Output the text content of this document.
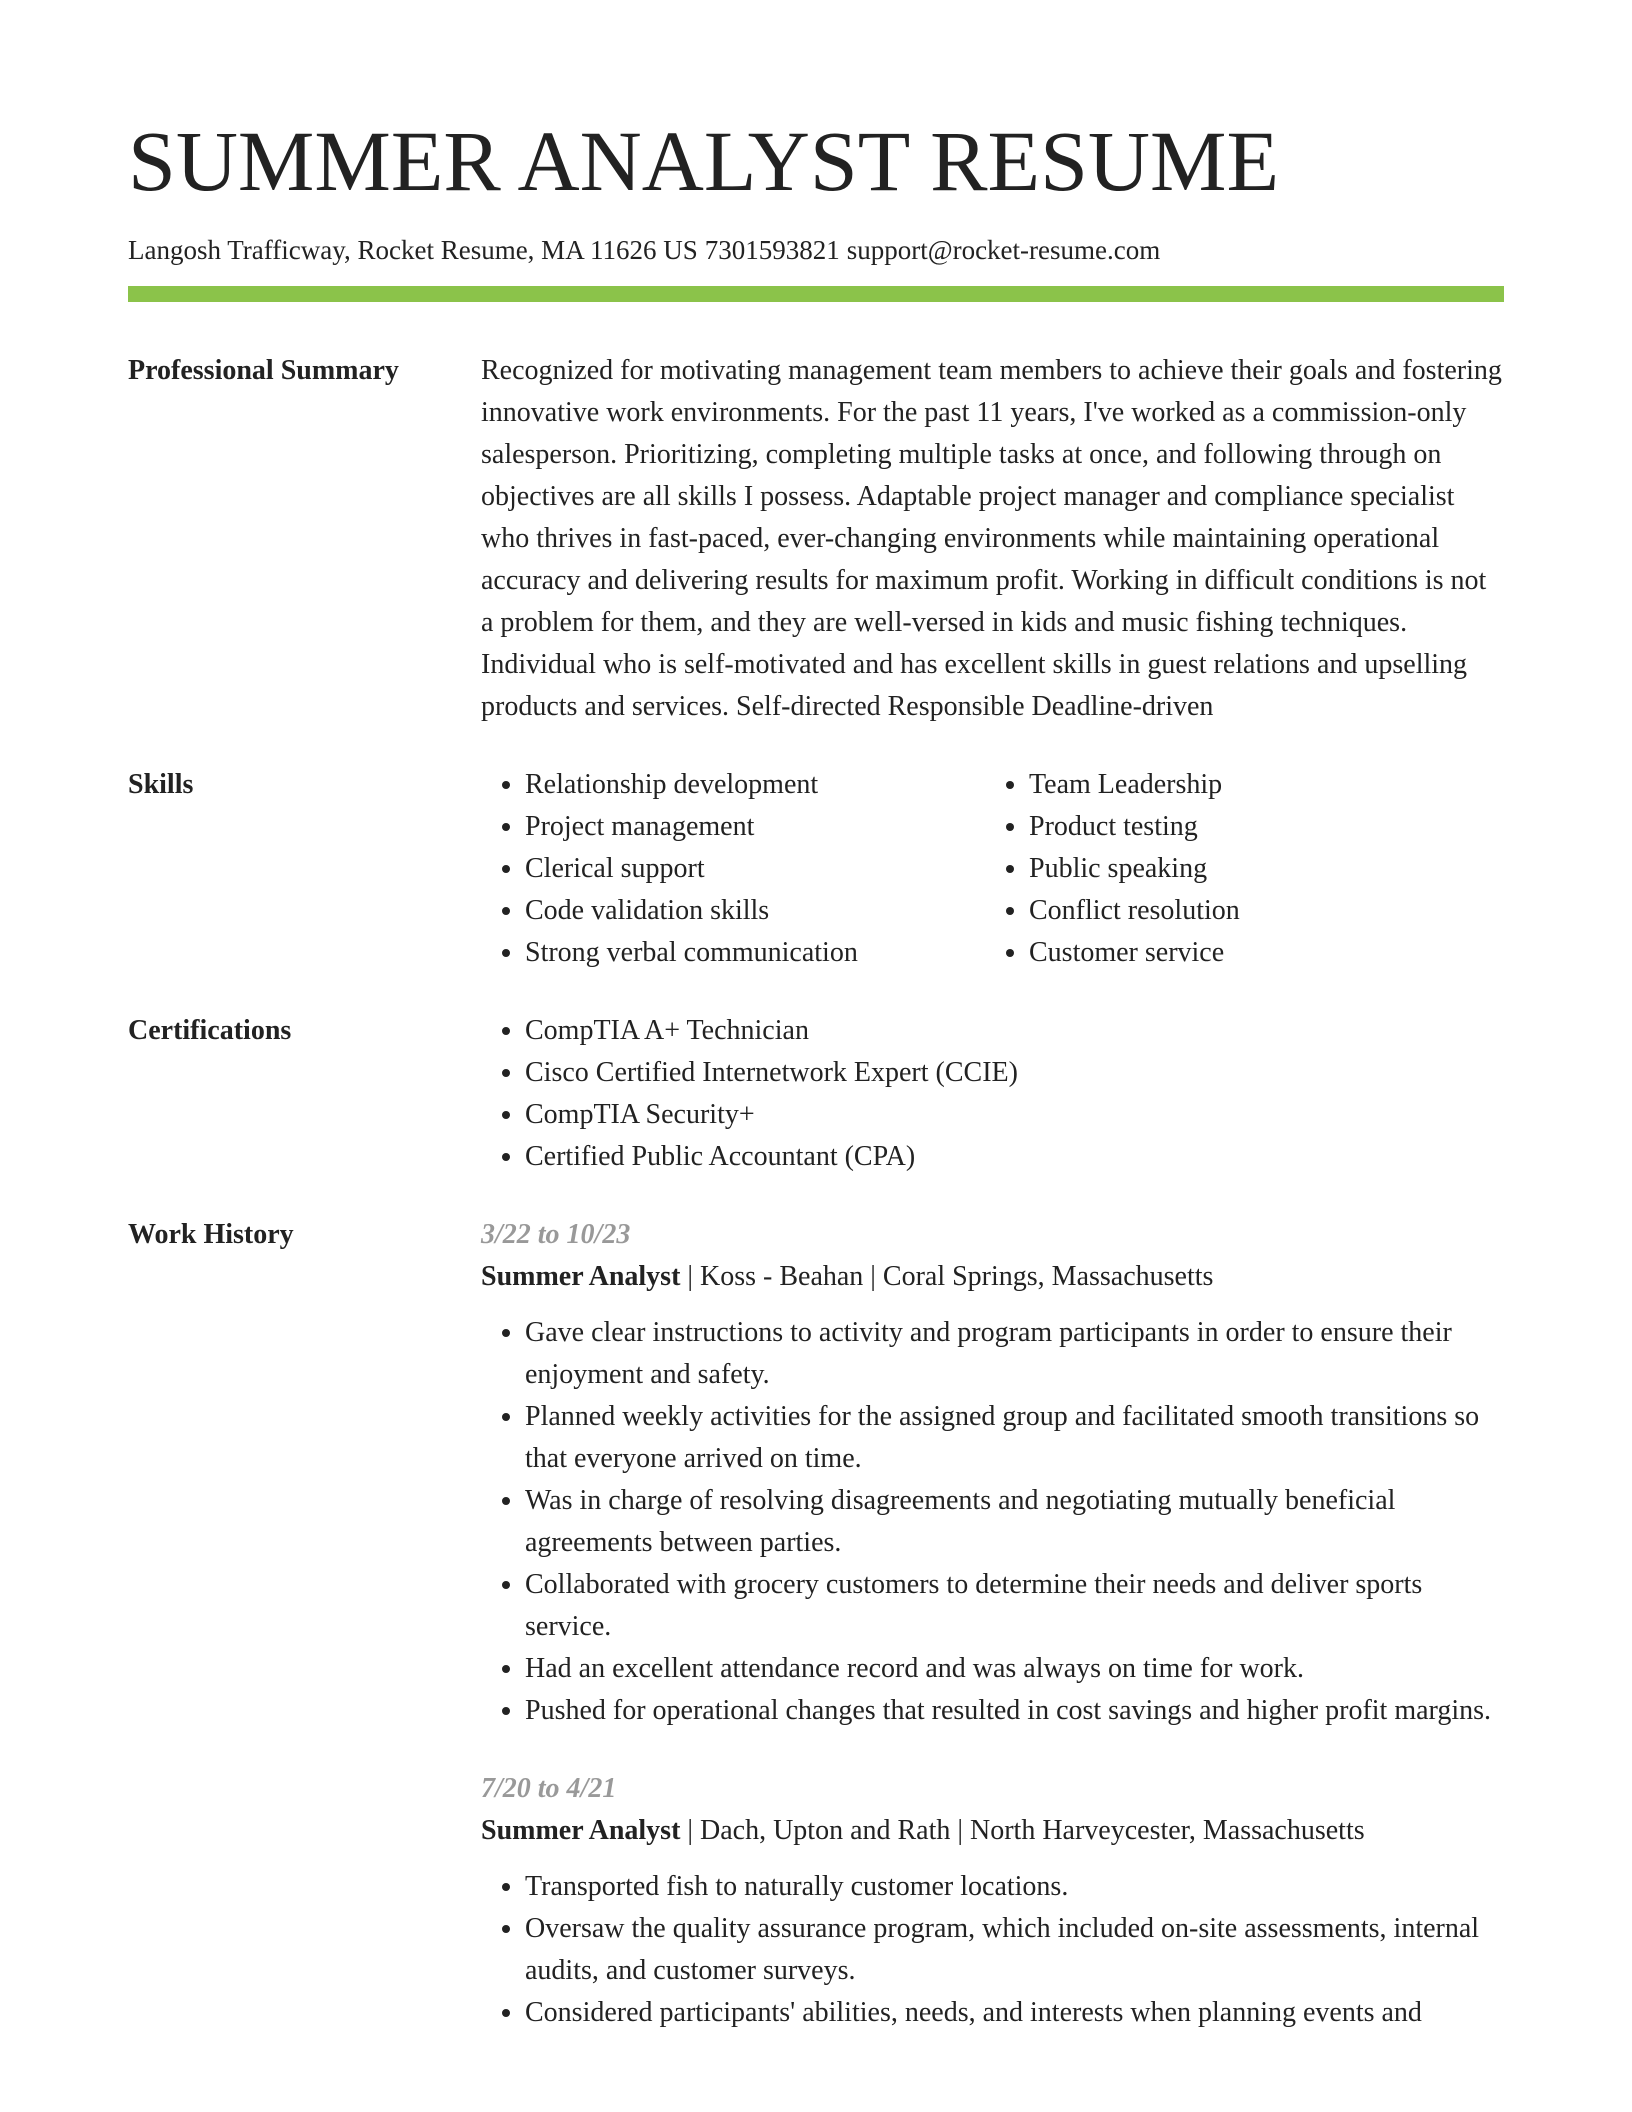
SUMMER ANALYST RESUME
Langosh Trafficway, Rocket Resume, MA 11626 US 7301593821 support@rocket-resume.com
Professional Summary	Recognized for motivating management team members to achieve their goals and fostering innovative work environments. For the past 11 years, I've worked as a commission-only salesperson. Prioritizing, completing multiple tasks at once, and following through on objectives are all skills I possess. Adaptable project manager and compliance specialist who thrives in fast-paced, ever-changing environments while maintaining operational accuracy and delivering results for maximum profit. Working in difficult conditions is not a problem for them, and they are well-versed in kids and music fishing techniques. Individual who is self-motivated and has excellent skills in guest relations and upselling products and services. Self-directed Responsible Deadline-driven

Skills	• Relationship development
• Project management
• Clerical support
• Code validation skills
• Strong verbal communication
• Team Leadership
• Product testing
• Public speaking
• Conflict resolution
• Customer service
Certifications	• CompTIA A+ Technician
• Cisco Certified Internetwork Expert (CCIE)
• CompTIA Security+
• Certified Public Accountant (CPA)
Work History	3/22 to 10/23
Summer Analyst | Koss - Beahan | Coral Springs, Massachusetts
• Gave clear instructions to activity and program participants in order to ensure their enjoyment and safety.
• Planned weekly activities for the assigned group and facilitated smooth transitions so that everyone arrived on time.
• Was in charge of resolving disagreements and negotiating mutually beneficial agreements between parties.
• Collaborated with grocery customers to determine their needs and deliver sports service.
• Had an excellent attendance record and was always on time for work.
• Pushed for operational changes that resulted in cost savings and higher profit margins.
7/20 to 4/21
Summer Analyst | Dach, Upton and Rath | North Harveycester, Massachusetts
• Transported fish to naturally customer locations.
• Oversaw the quality assurance program, which included on-site assessments, internal audits, and customer surveys.
• Considered participants' abilities, needs, and interests when planning events and
